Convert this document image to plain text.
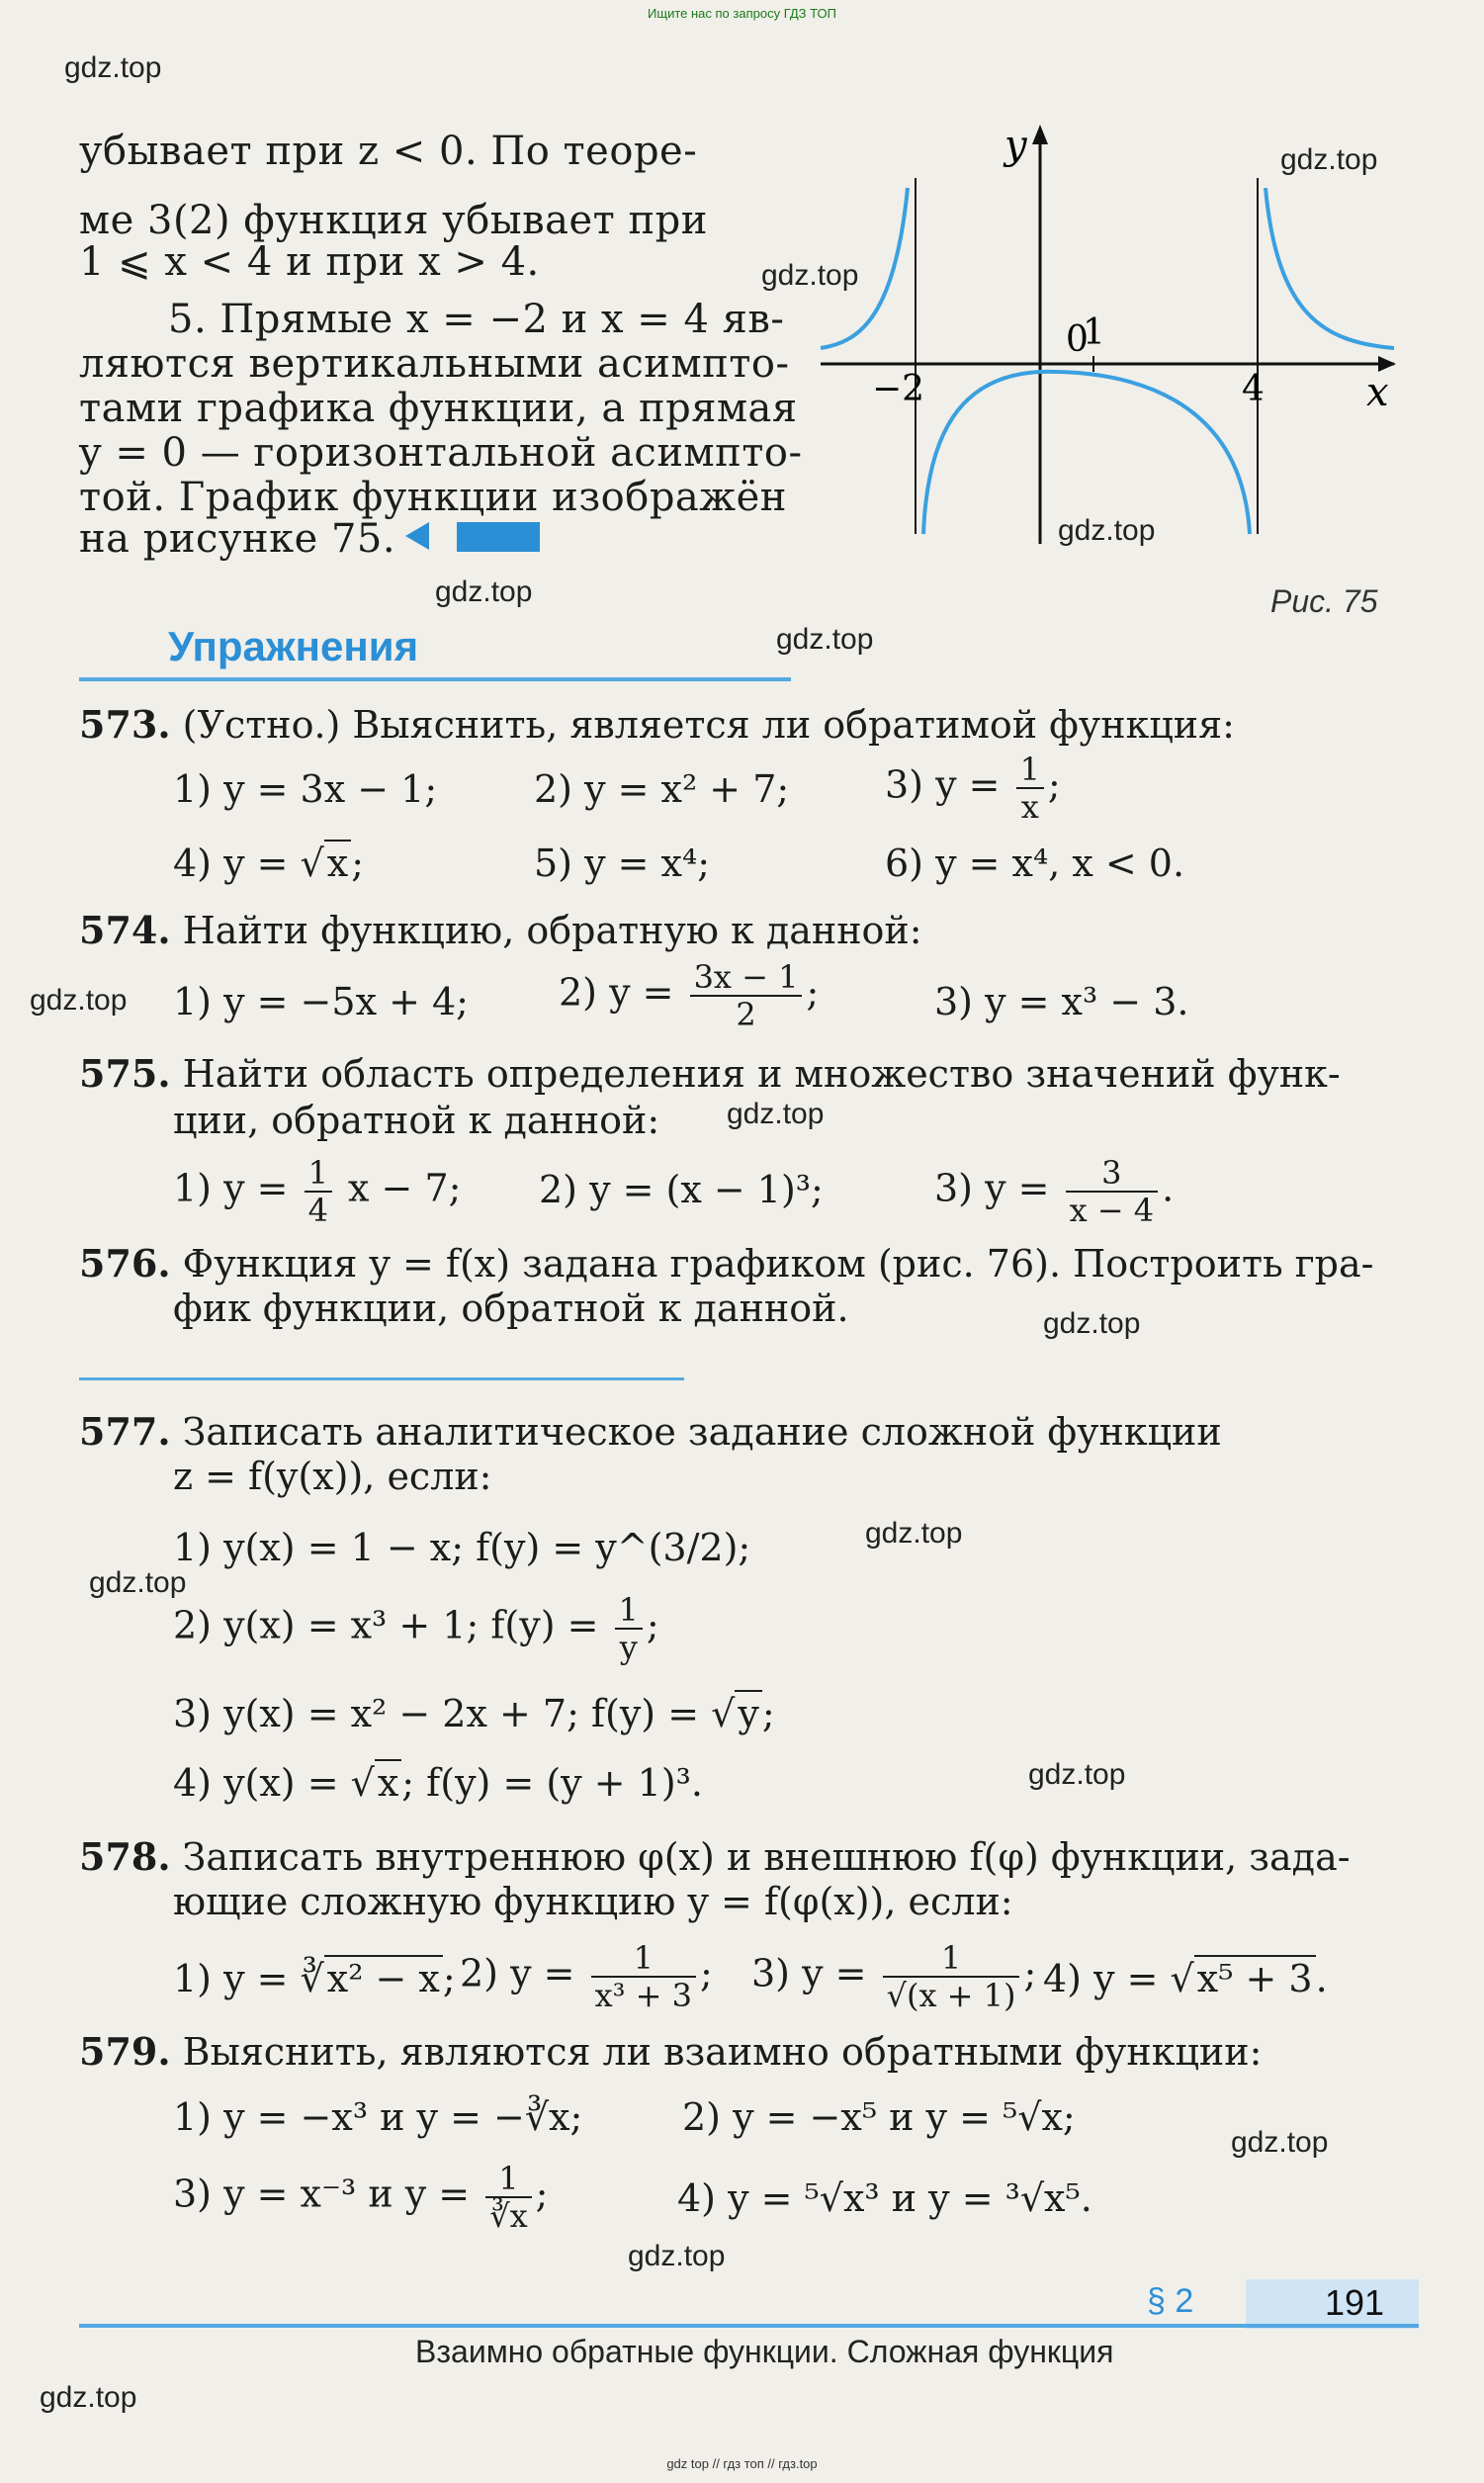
Ищите нас по запросу ГДЗ ТОП
gdz.top
gdz.top
gdz.top
gdz.top
gdz.top
gdz.top
gdz.top
gdz.top
gdz.top
gdz.top
gdz.top
gdz.top
gdz.top
gdz.top
gdz.top
убывает при z < 0. По теоре-
ме 3(2) функция убывает при
1 ⩽ x < 4 и при x > 4.
5. Прямые x = −2 и x = 4 яв-
ляются вертикальными асимпто-
тами графика функции, а прямая
y = 0 — горизонтальной асимпто-
той. График функции изображён
на рисунке 75.
0
1
−2	4
y
x
Рис. 75
Упражнения
573. (Устно.) Выяснить, является ли обратимой функция:
1) y = 3x − 1;	2) y = x² + 7;	3) $y = \frac{1}{x}$ ;
4) y = √x;	5) y = x⁴;	6) y = x⁴, x < 0.
574. Найти функцию, обратную к данной:
1) y = −5x + 4; 2) $y = \frac{3x - 1}{2}$ ;	3) y = x³ − 3.
575. Найти область определения и множество значений функ-
ции, обратной к данной:
1) $y = \frac{1}{4}$ x − 7; 2) y = (x − 1)³;	3) $y = \frac{3}{x - 4}$ .
576. Функция y = f(x) задана графиком (рис. 76). Построить гра-
фик функции, обратной к данной.
577. Записать аналитическое задание сложной функции
z = f(y(x)), если:
1) y(x) = 1 − x; f(y) = y^(3/2);
2) y(x) = x³ + 1; $f(y) = \frac{1}{y}$ ;
3) y(x) = x² − 2x + 7; f(y) = √y;
4) y(x) = √x; f(y) = (y + 1)³.
578. Записать внутреннюю φ(x) и внешнюю f(φ) функции, зада-
ющие сложную функцию y = f(φ(x)), если:
1) y = ∛x² − x; 2) $y = \frac{1}{\text{x³ + 3}}$ ; 3) $y = \frac{1}{√(x + 1)}$ ; 4) y = √x⁵ + 3.
579. Выяснить, являются ли взаимно обратными функции:
1) y = −x³ и y = −∛x;	2) y = −x⁵ и y = ⁵√x;
3) y = x⁻³ и $y = \frac{1}{∛x}$ ;	4) y = ⁵√x³ и y = ³√x⁵.
§ 2	191
Взаимно обратные функции. Сложная функция
gdz top // гдз топ // гдз.top
